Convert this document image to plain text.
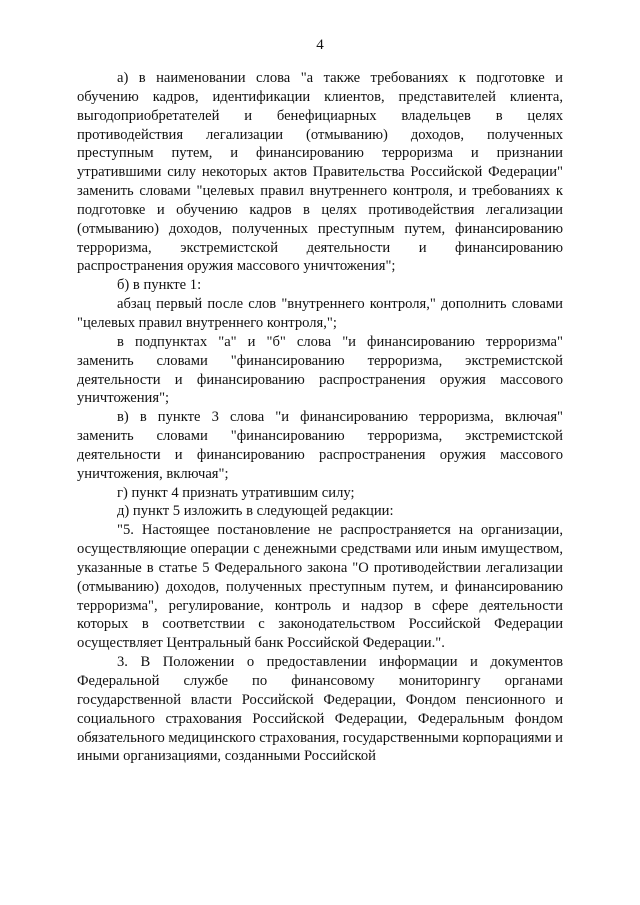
4

а) в наименовании слова "а также требованиях к подготовке и обучению кадров, идентификации клиентов, представителей клиента, выгодоприобретателей и бенефициарных владельцев в целях противодействия легализации (отмыванию) доходов, полученных преступным путем, и финансированию терроризма и признании утратившими силу некоторых актов Правительства Российской Федерации" заменить словами "целевых правил внутреннего контроля, и требованиях к подготовке и обучению кадров в целях противодействия легализации (отмыванию) доходов, полученных преступным путем, финансированию терроризма, экстремистской деятельности и финансированию распространения оружия массового уничтожения";

б) в пункте 1:

абзац первый после слов "внутреннего контроля," дополнить словами "целевых правил внутреннего контроля,";

в подпунктах "а" и "б" слова "и финансированию терроризма" заменить словами "финансированию терроризма, экстремистской деятельности и финансированию распространения оружия массового уничтожения";

в) в пункте 3 слова "и финансированию терроризма, включая" заменить словами "финансированию терроризма, экстремистской деятельности и финансированию распространения оружия массового уничтожения, включая";

г) пункт 4 признать утратившим силу;

д) пункт 5 изложить в следующей редакции:

"5. Настоящее постановление не распространяется на организации, осуществляющие операции с денежными средствами или иным имуществом, указанные в статье 5 Федерального закона "О противодействии легализации (отмыванию) доходов, полученных преступным путем, и финансированию терроризма", регулирование, контроль и надзор в сфере деятельности которых в соответствии с законодательством Российской Федерации осуществляет Центральный банк Российской Федерации.".

3. В Положении о предоставлении информации и документов Федеральной службе по финансовому мониторингу органами государственной власти Российской Федерации, Фондом пенсионного и социального страхования Российской Федерации, Федеральным фондом обязательного медицинского страхования, государственными корпорациями и иными организациями, созданными Российской
